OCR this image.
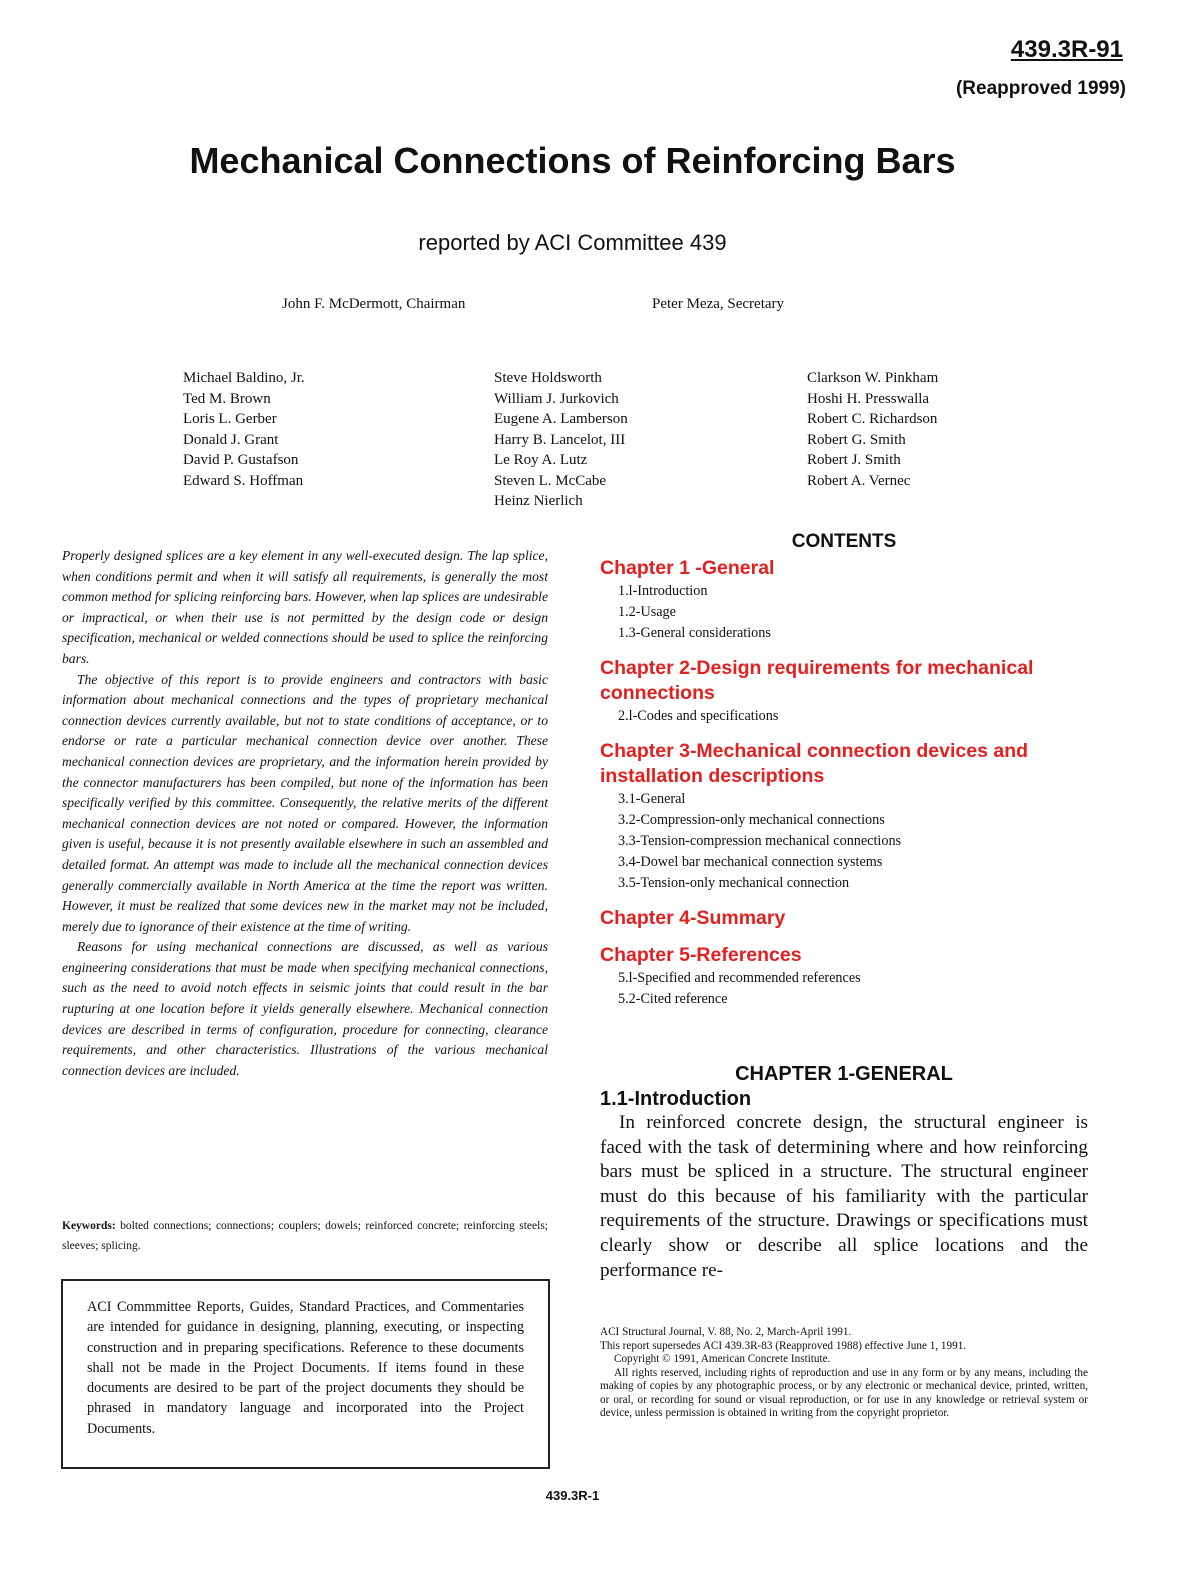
439.3R-91
(Reapproved 1999)
Mechanical Connections of Reinforcing Bars
reported by ACI Committee 439
John F. McDermott, Chairman	Peter Meza, Secretary
Michael Baldino, Jr.
Ted M. Brown
Loris L. Gerber
Donald J. Grant
David P. Gustafson
Edward S. Hoffman
Steve Holdsworth
William J. Jurkovich
Eugene A. Lamberson
Harry B. Lancelot, III
Le Roy A. Lutz
Steven L. McCabe
Heinz Nierlich
Clarkson W. Pinkham
Hoshi H. Presswalla
Robert C. Richardson
Robert G. Smith
Robert J. Smith
Robert A. Vernec

Properly designed splices are a key element in any well-executed design. The lap splice, when conditions permit and when it will satisfy all requirements, is generally the most common method for splicing reinforcing bars. However, when lap splices are undesirable or impractical, or when their use is not permitted by the design code or design specification, mechanical or welded connections should be used to splice the reinforcing bars.

The objective of this report is to provide engineers and contractors with basic information about mechanical connections and the types of proprietary mechanical connection devices currently available, but not to state conditions of acceptance, or to endorse or rate a particular mechanical connection device over another. These mechanical connection devices are proprietary, and the information herein provided by the connector manufacturers has been compiled, but none of the information has been specifically verified by this committee. Consequently, the relative merits of the different mechanical connection devices are not noted or compared. However, the information given is useful, because it is not presently available elsewhere in such an assembled and detailed format. An attempt was made to include all the mechanical connection devices generally commercially available in North America at the time the report was written. However, it must be realized that some devices new in the market may not be included, merely due to ignorance of their existence at the time of writing.

Reasons for using mechanical connections are discussed, as well as various engineering considerations that must be made when specifying mechanical connections, such as the need to avoid notch effects in seismic joints that could result in the bar rupturing at one location before it yields generally elsewhere. Mechanical connection devices are described in terms of configuration, procedure for connecting, clearance requirements, and other characteristics. Illustrations of the various mechanical connection devices are included.

Keywords: bolted connections; connections; couplers; dowels; reinforced concrete; reinforcing steels; sleeves; splicing.
ACI Commmittee Reports, Guides, Standard Practices, and Commentaries are intended for guidance in designing, planning, executing, or inspecting construction and in preparing specifications. Reference to these documents shall not be made in the Project Documents. If items found in these documents are desired to be part of the project documents they should be phrased in mandatory language and incorporated into the Project Documents.
CONTENTS
Chapter 1 -General
1.l-Introduction
1.2-Usage
1.3-General considerations
Chapter 2-Design requirements for mechanical connections
2.l-Codes and specifications
Chapter 3-Mechanical connection devices and installation descriptions
3.1-General
3.2-Compression-only mechanical connections
3.3-Tension-compression mechanical connections
3.4-Dowel bar mechanical connection systems
3.5-Tension-only mechanical connection
Chapter 4-Summary
Chapter 5-References
5.l-Specified and recommended references
5.2-Cited reference
CHAPTER 1-GENERAL
1.1-Introduction

In reinforced concrete design, the structural engineer is faced with the task of determining where and how reinforcing bars must be spliced in a structure. The structural engineer must do this because of his familiarity with the particular requirements of the structure. Drawings or specifications must clearly show or describe all splice locations and the performance re-

ACI Structural Journal, V. 88, No. 2, March-April 1991.

This report supersedes ACI 439.3R-83 (Reapproved 1988) effective June 1, 1991.

Copyright © 1991, American Concrete Institute.

All rights reserved, including rights of reproduction and use in any form or by any means, including the making of copies by any photographic process, or by any electronic or mechanical device, printed, written, or oral, or recording for sound or visual reproduction, or for use in any knowledge or retrieval system or device, unless permission is obtained in writing from the copyright proprietor.

439.3R-1
